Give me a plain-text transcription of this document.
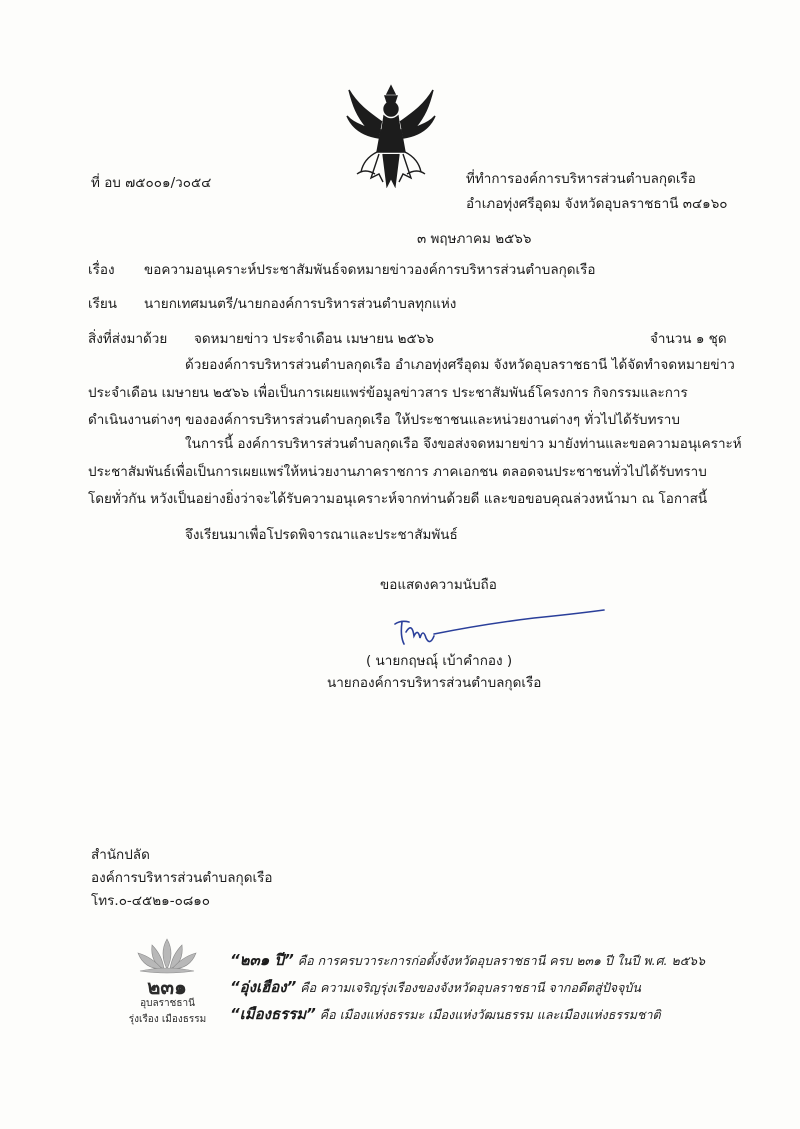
ที่ อบ ๗๕๐๐๑/ว๐๕๔	ที่ทำการองค์การบริหารส่วนตำบลกุดเรือ
อำเภอทุ่งศรีอุดม จังหวัดอุบลราชธานี ๓๔๑๖๐
๓ พฤษภาคม ๒๕๖๖
เรื่อง ขอความอนุเคราะห์ประชาสัมพันธ์จดหมายข่าวองค์การบริหารส่วนตำบลกุดเรือ
เรียน นายกเทศมนตรี/นายกองค์การบริหารส่วนตำบลทุกแห่ง
สิ่งที่ส่งมาด้วย จดหมายข่าว ประจำเดือน เมษายน ๒๕๖๖	จำนวน ๑ ชุด
ด้วยองค์การบริหารส่วนตำบลกุดเรือ อำเภอทุ่งศรีอุดม จังหวัดอุบลราชธานี ได้จัดทำจดหมายข่าว
ประจำเดือน เมษายน ๒๕๖๖ เพื่อเป็นการเผยแพร่ข้อมูลข่าวสาร ประชาสัมพันธ์โครงการ กิจกรรมและการ
ดำเนินงานต่างๆ ขององค์การบริหารส่วนตำบลกุดเรือ ให้ประชาชนและหน่วยงานต่างๆ ทั่วไปได้รับทราบ
ในการนี้ องค์การบริหารส่วนตำบลกุดเรือ จึงขอส่งจดหมายข่าว มายังท่านและขอความอนุเคราะห์
ประชาสัมพันธ์เพื่อเป็นการเผยแพร่ให้หน่วยงานภาคราชการ ภาคเอกชน ตลอดจนประชาชนทั่วไปได้รับทราบ
โดยทั่วกัน หวังเป็นอย่างยิ่งว่าจะได้รับความอนุเคราะห์จากท่านด้วยดี และขอขอบคุณล่วงหน้ามา ณ โอกาสนี้
จึงเรียนมาเพื่อโปรดพิจารณาและประชาสัมพันธ์
ขอแสดงความนับถือ
( นายกฤษณุ์ เบ้าคำกอง )
นายกองค์การบริหารส่วนตำบลกุดเรือ
สำนักปลัด
องค์การบริหารส่วนตำบลกุดเรือ
โทร.๐-๔๕๒๑-๐๘๑๐
๒๓๑
อุบลราชธานี
รุ่งเรือง เมืองธรรม
“๒๓๑ ปี” คือ การครบวาระการก่อตั้งจังหวัดอุบลราชธานี ครบ ๒๓๑ ปี ในปี พ.ศ. ๒๕๖๖
“อุ่งเฮือง” คือ ความเจริญรุ่งเรืองของจังหวัดอุบลราชธานี จากอดีตสู่ปัจจุบัน
“เมืองธรรม” คือ เมืองแห่งธรรมะ เมืองแห่งวัฒนธรรม และเมืองแห่งธรรมชาติ
